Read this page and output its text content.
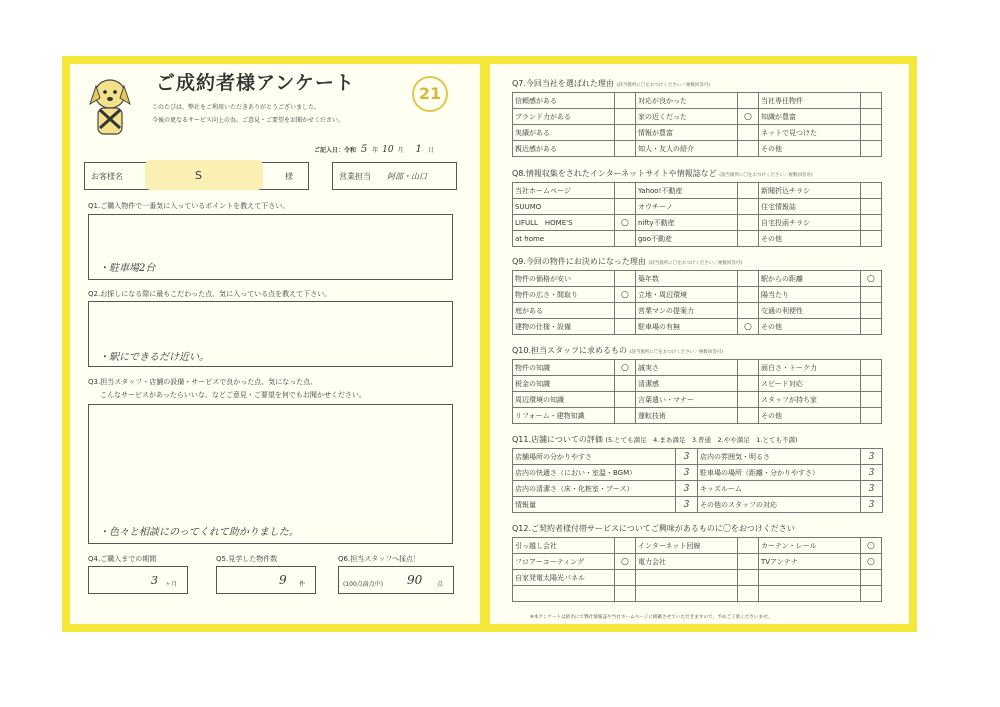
ご成約者様アンケート
このたびは、弊社をご利用いただきありがとうございました。
今後の更なるサービス向上の為、ご意見・ご要望をお聞かせください。
21
ご記入日：令和 5 年 10 月 1 日
お客様名	S	様	営業担当 阿部・山口
Q1.ご購入物件で一番気に入っているポイントを教えて下さい。
・駐車場2台
Q2.お探しになる際に最もこだわった点、気に入っている点を教えて下さい。
・駅にできるだけ近い。
Q3.担当スタッフ・店舗の設備・サービスで良かった点、気になった点、
こんなサービスがあったらいいな、などご意見・ご要望を何でもお聞かせください。
・色々と相談にのってくれて助かりました。
Q4.ご購入までの期間
3 ヶ月
Q5.見学した物件数
9 件
Q6.担当スタッフへ採点！
(100点満点中) 90 点
Q7.今回当社を選ばれた理由 (該当箇所に〇をおつけください／複数回答可)
信頼感がある		対応が良かった		当社専任物件	
ブランド力がある		家の近くだった	○	知識が豊富	
実績がある		情報が豊富		ネットで見つけた	
親近感がある		知人・友人の紹介		その他	
Q8.情報収集をされたインターネットサイトや情報誌など (該当箇所に〇をおつけください／複数回答可)
当社ホームページ		Yahoo!不動産		新聞折込チラシ	
SUUMO		オウチーノ		住宅情報誌	
LIFULL　HOME'S	○	nifty不動産		自宅投函チラシ	
at home		goo不動産		その他	
Q9.今回の物件にお決めになった理由 (該当箇所に〇をおつけください／複数回答可)
物件の価格が安い		築年数		駅からの距離	○
物件の広さ・間取り	○	立地・周辺環境		陽当たり	
庭がある		営業マンの提案力		交通の利便性	
建物の仕様・設備		駐車場の有無	○	その他	
Q10.担当スタッフに求めるもの (該当箇所に〇をおつけください／複数回答可)
物件の知識	○	誠実さ		面白さ・トーク力	
税金の知識		清潔感		スピード対応	
周辺環境の知識		言葉遣い・マナー		スタッフが持ち家	
リフォーム・建物知識		運転技術		その他	
Q11.店舗についての評価 (5.とても満足　4.まあ満足　3.普通　2.やや満足　1.とても不満)
店舗場所の分かりやすさ	3	店内の雰囲気・明るさ	3
店内の快適さ（におい・室温・BGM）	3	駐車場の場所（距離・分かりやすさ）	3
店内の清潔さ（床・化粧室・ブース）	3	キッズルーム	3
情報量	3	その他のスタッフの対応	3
Q12.ご契約者様付帯サービスについてご興味があるものに〇をおつけください
引っ越し会社		インターネット回線		カーテン・レール	○
フロアーコーティング	○	電力会社		TVアンテナ	○
自家発電太陽光パネル					

※本アンケートは匿名にて弊社情報誌や当社ホームページに掲載させていただきますので、予めご了承くださいませ。
